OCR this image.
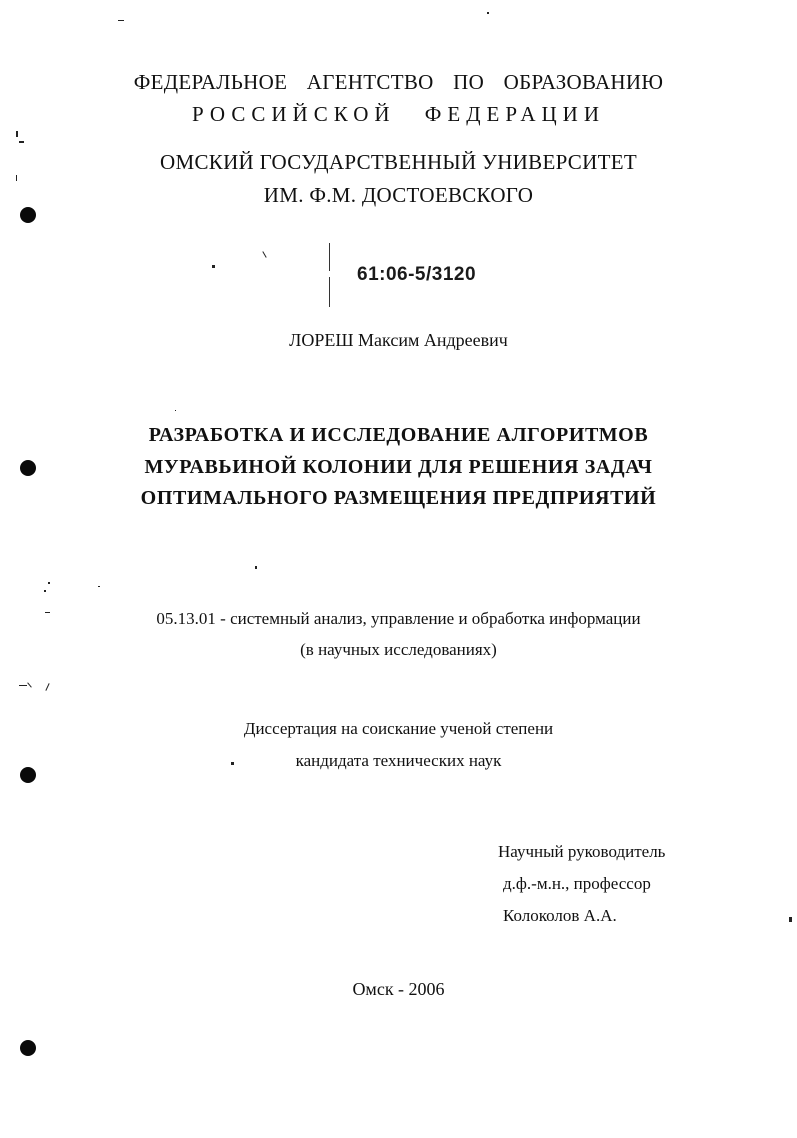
ФЕДЕРАЛЬНОЕ АГЕНТСТВО ПО ОБРАЗОВАНИЮ
РОССИЙСКОЙ ФЕДЕРАЦИИ
ОМСКИЙ ГОСУДАРСТВЕННЫЙ УНИВЕРСИТЕТ
ИМ. Ф.М. ДОСТОЕВСКОГО
61:06-5/3120
ЛОРЕШ Максим Андреевич
РАЗРАБОТКА И ИССЛЕДОВАНИЕ АЛГОРИТМОВ
МУРАВЬИНОЙ КОЛОНИИ ДЛЯ РЕШЕНИЯ ЗАДАЧ
ОПТИМАЛЬНОГО РАЗМЕЩЕНИЯ ПРЕДПРИЯТИЙ
05.13.01 - системный анализ, управление и обработка информации
(в научных исследованиях)
Диссертация на соискание ученой степени
кандидата технических наук
Научный руководитель
д.ф.-м.н., профессор
Колоколов А.А.
Омск - 2006
